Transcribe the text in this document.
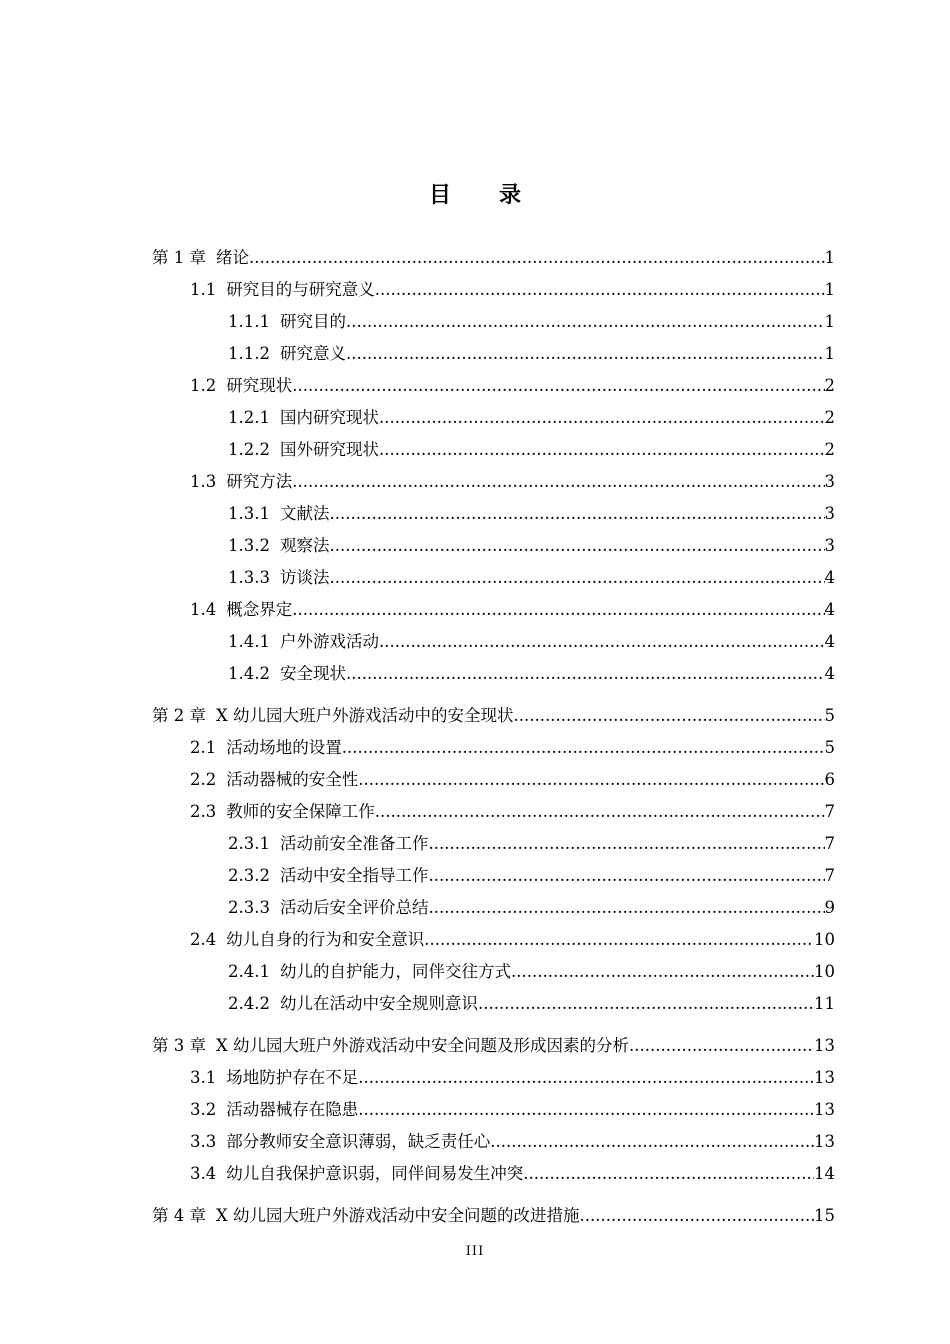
目录
第 1 章 绪论 .....	1
1.1 研究目的与研究意义 .....	1
1.1.1 研究目的 .....	1
1.1.2 研究意义 .....	1
1.2 研究现状 .....	2
1.2.1 国内研究现状 .....	2
1.2.2 国外研究现状 .....	2
1.3 研究方法 .....	3
1.3.1 文献法 .....	3
1.3.2 观察法 .....	3
1.3.3 访谈法 .....	4
1.4 概念界定 .....	4
1.4.1 户外游戏活动 .....	4
1.4.2 安全现状 .....	4
第 2 章 X 幼儿园大班户外游戏活动中的安全现状 .....	5
2.1 活动场地的设置 .....	5
2.2 活动器械的安全性 .....	6
2.3 教师的安全保障工作 .....	7
2.3.1 活动前安全准备工作 .....	7
2.3.2 活动中安全指导工作 .....	7
2.3.3 活动后安全评价总结 .....	9
2.4 幼儿自身的行为和安全意识 .....	10
2.4.1 幼儿的自护能力，同伴交往方式 .....	10
2.4.2 幼儿在活动中安全规则意识 .....	11
第 3 章 X 幼儿园大班户外游戏活动中安全问题及形成因素的分析 .....	13
3.1 场地防护存在不足 .....	13
3.2 活动器械存在隐患 .....	13
3.3 部分教师安全意识薄弱，缺乏责任心 .....	13
3.4 幼儿自我保护意识弱，同伴间易发生冲突 .....	14
第 4 章 X 幼儿园大班户外游戏活动中安全问题的改进措施 .....	15
III
